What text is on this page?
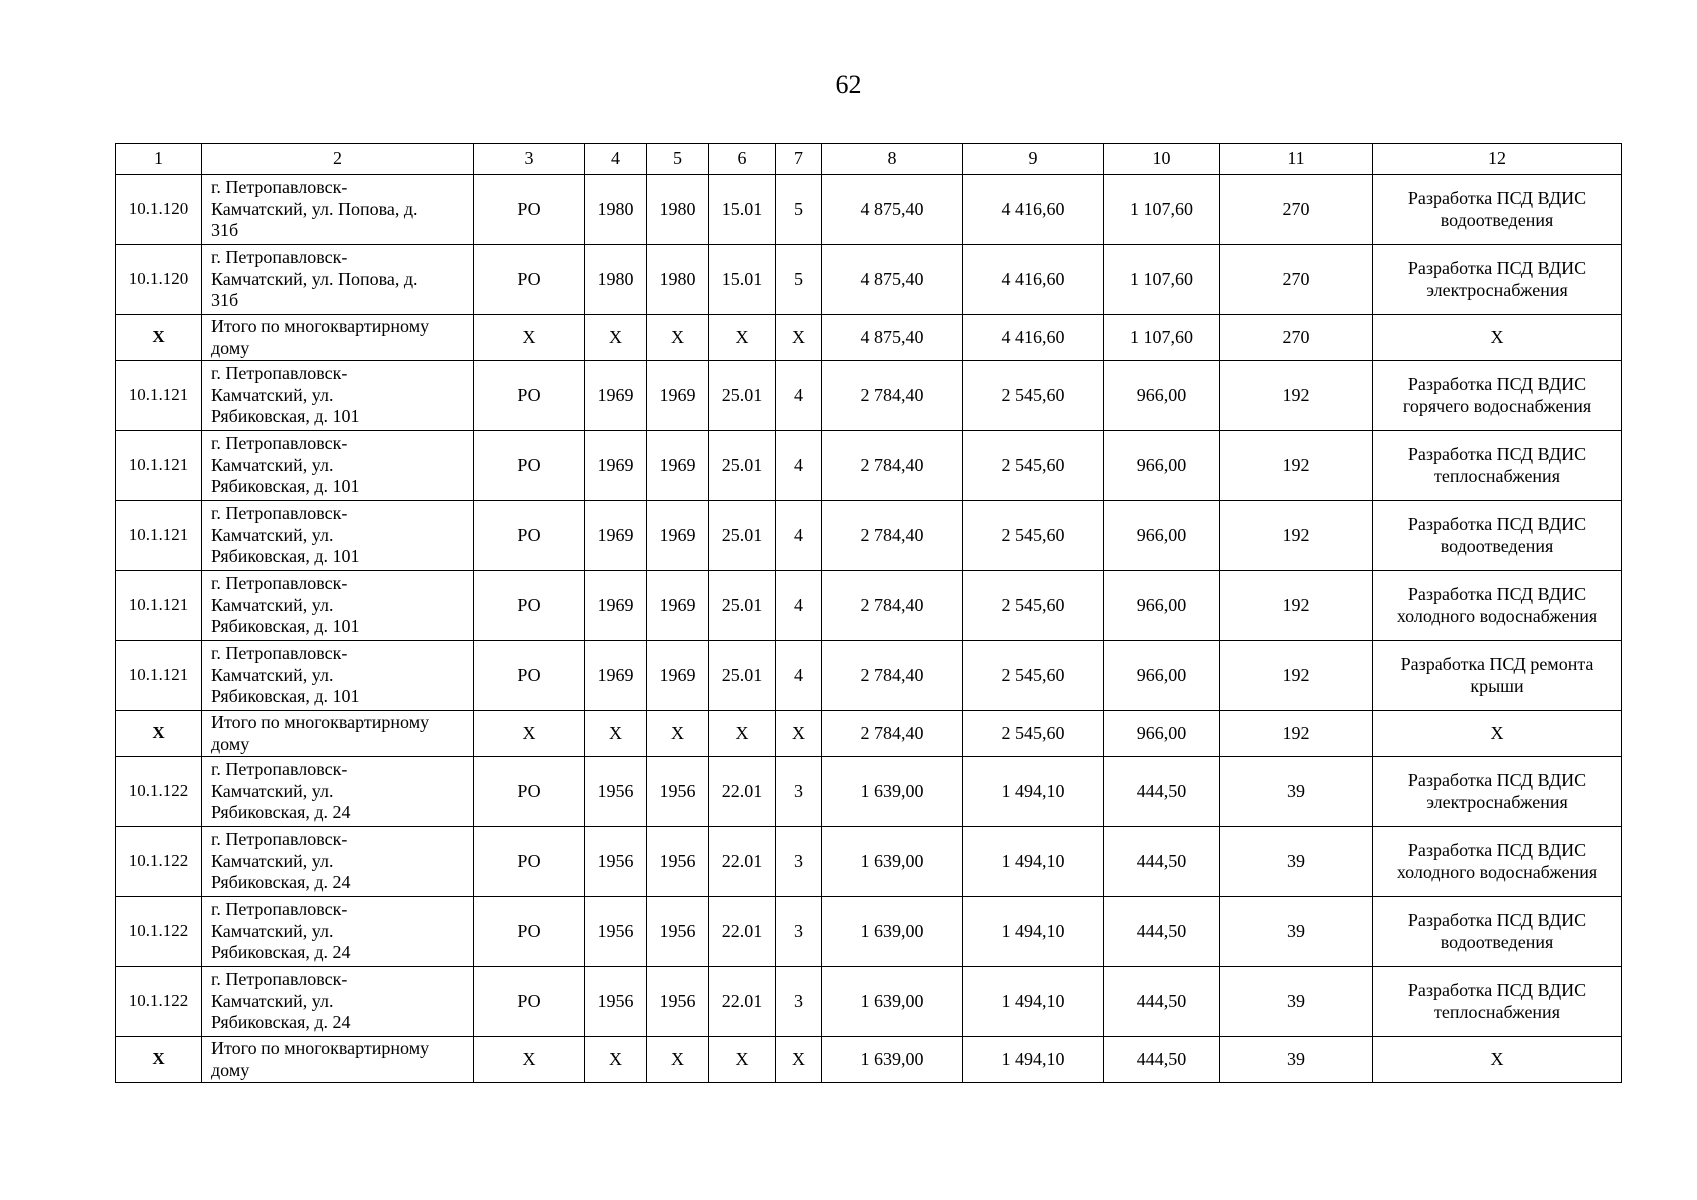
62
1	2	3	4	5	6	7	8	9	10	11	12
10.1.120	г. Петропавловск-
Камчатский, ул. Попова, д.
31б	РО	1980	1980	15.01	5	4 875,40	4 416,60	1 107,60	270	Разработка ПСД ВДИС водоотведения
10.1.120	г. Петропавловск-
Камчатский, ул. Попова, д.
31б	РО	1980	1980	15.01	5	4 875,40	4 416,60	1 107,60	270	Разработка ПСД ВДИС электроснабжения
X	Итого по многоквартирному
дому	X	X	X	X	X	4 875,40	4 416,60	1 107,60	270	X
10.1.121	г. Петропавловск-
Камчатский, ул.
Рябиковская, д. 101	РО	1969	1969	25.01	4	2 784,40	2 545,60	966,00	192	Разработка ПСД ВДИС горячего водоснабжения
10.1.121	г. Петропавловск-
Камчатский, ул.
Рябиковская, д. 101	РО	1969	1969	25.01	4	2 784,40	2 545,60	966,00	192	Разработка ПСД ВДИС теплоснабжения
10.1.121	г. Петропавловск-
Камчатский, ул.
Рябиковская, д. 101	РО	1969	1969	25.01	4	2 784,40	2 545,60	966,00	192	Разработка ПСД ВДИС водоотведения
10.1.121	г. Петропавловск-
Камчатский, ул.
Рябиковская, д. 101	РО	1969	1969	25.01	4	2 784,40	2 545,60	966,00	192	Разработка ПСД ВДИС холодного водоснабжения
10.1.121	г. Петропавловск-
Камчатский, ул.
Рябиковская, д. 101	РО	1969	1969	25.01	4	2 784,40	2 545,60	966,00	192	Разработка ПСД ремонта крыши
X	Итого по многоквартирному
дому	X	X	X	X	X	2 784,40	2 545,60	966,00	192	X
10.1.122	г. Петропавловск-
Камчатский, ул.
Рябиковская, д. 24	РО	1956	1956	22.01	3	1 639,00	1 494,10	444,50	39	Разработка ПСД ВДИС электроснабжения
10.1.122	г. Петропавловск-
Камчатский, ул.
Рябиковская, д. 24	РО	1956	1956	22.01	3	1 639,00	1 494,10	444,50	39	Разработка ПСД ВДИС холодного водоснабжения
10.1.122	г. Петропавловск-
Камчатский, ул.
Рябиковская, д. 24	РО	1956	1956	22.01	3	1 639,00	1 494,10	444,50	39	Разработка ПСД ВДИС водоотведения
10.1.122	г. Петропавловск-
Камчатский, ул.
Рябиковская, д. 24	РО	1956	1956	22.01	3	1 639,00	1 494,10	444,50	39	Разработка ПСД ВДИС теплоснабжения
X	Итого по многоквартирному
дому	X	X	X	X	X	1 639,00	1 494,10	444,50	39	X
